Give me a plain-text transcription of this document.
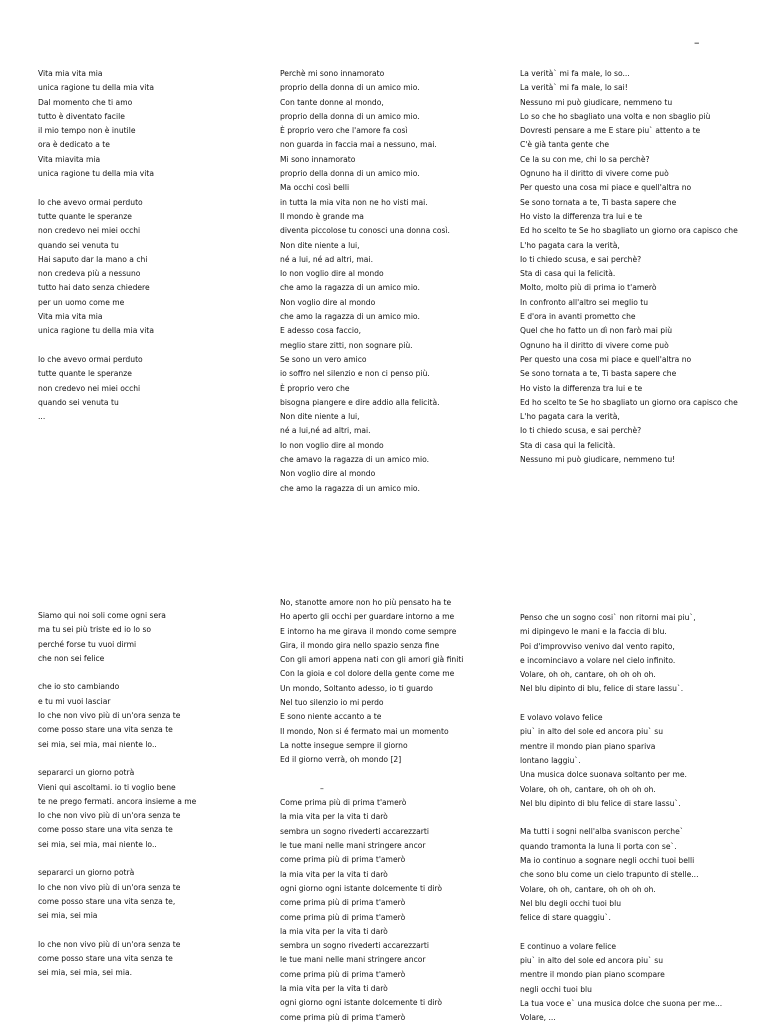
–
Vita mia vita mia
unica ragione tu della mia vita
Dal momento che ti amo
tutto è diventato facile
il mio tempo non è inutile
ora è dedicato a te
Vita miavita mia
unica ragione tu della mia vita
Io che avevo ormai perduto
tutte quante le speranze
non credevo nei miei occhi
quando sei venuta tu
Hai saputo dar la mano a chi
non credeva più a nessuno
tutto hai dato senza chiedere
per un uomo come me
Vita mia vita mia
unica ragione tu della mia vita
Io che avevo ormai perduto
tutte quante le speranze
non credevo nei miei occhi
quando sei venuta tu
...
Perchè mi sono innamorato
proprio della donna di un amico mio.
Con tante donne al mondo,
proprio della donna di un amico mio.
È proprio vero che l'amore fa così
non guarda in faccia mai a nessuno, mai.
Mi sono innamorato
proprio della donna di un amico mio.
Ma occhi così belli
in tutta la mia vita non ne ho visti mai.
Il mondo è grande ma
diventa piccolose tu conosci una donna così.
Non dite niente a lui,
né a lui, né ad altri, mai.
Io non voglio dire al mondo
che amo la ragazza di un amico mio.
Non voglio dire al mondo
che amo la ragazza di un amico mio.
E adesso cosa faccio,
meglio stare zitti, non sognare più.
Se sono un vero amico
io soffro nel silenzio e non ci penso più.
È proprio vero che
bisogna piangere e dire addio alla felicità.
Non dite niente a lui,
né a lui,né ad altri, mai.
Io non voglio dire al mondo
che amavo la ragazza di un amico mio.
Non voglio dire al mondo
che amo la ragazza di un amico mio.
La verità` mi fa male, lo so...
La verità` mi fa male, lo sai!
Nessuno mi può giudicare, nemmeno tu
Lo so che ho sbagliato una volta e non sbaglio più
Dovresti pensare a me E stare piu` attento a te
C'è già tanta gente che
Ce la su con me, chi lo sa perchè?
Ognuno ha il diritto di vivere come può
Per questo una cosa mi piace e quell'altra no
Se sono tornata a te, Ti basta sapere che
Ho visto la differenza tra lui e te
Ed ho scelto te Se ho sbagliato un giorno ora capisco che
L'ho pagata cara la verità,
Io ti chiedo scusa, e sai perchè?
Sta di casa qui la felicità.
Molto, molto più di prima io t'amerò
In confronto all'altro sei meglio tu
E d'ora in avanti prometto che
Quel che ho fatto un dì non farò mai più
Ognuno ha il diritto di vivere come può
Per questo una cosa mi piace e quell'altra no
Se sono tornata a te, Ti basta sapere che
Ho visto la differenza tra lui e te
Ed ho scelto te Se ho sbagliato un giorno ora capisco che
L'ho pagata cara la verità,
Io ti chiedo scusa, e sai perchè?
Sta di casa qui la felicità.
Nessuno mi può giudicare, nemmeno tu!
Siamo qui noi soli come ogni sera
ma tu sei più triste ed io lo so
perché forse tu vuoi dirmi
che non sei felice
che io sto cambiando
e tu mi vuoi lasciar
Io che non vivo più di un'ora senza te
come posso stare una vita senza te
sei mia, sei mia, mai niente lo..
separarci un giorno potrà
Vieni qui ascoltami. io ti voglio bene
te ne prego fermati. ancora insieme a me
Io che non vivo più di un'ora senza te
come posso stare una vita senza te
sei mia, sei mia, mai niente lo..
separarci un giorno potrà
Io che non vivo più di un'ora senza te
come posso stare una vita senza te,
sei mia, sei mia
Io che non vivo più di un'ora senza te
come posso stare una vita senza te
sei mia, sei mia, sei mia.
No, stanotte amore non ho più pensato ha te
Ho aperto gli occhi per guardare intorno a me
E intorno ha me girava il mondo come sempre
Gira, il mondo gira nello spazio senza fine
Con gli amori appena nati con gli amori già finiti
Con la gioia e col dolore della gente come me
Un mondo, Soltanto adesso, io ti guardo
Nel tuo silenzio io mi perdo
E sono niente accanto a te
Il mondo, Non si é fermato mai un momento
La notte insegue sempre il giorno
Ed il giorno verrà, oh mondo [2]
–
Come prima più di prima t'amerò
la mia vita per la vita ti darò
sembra un sogno rivederti accarezzarti
le tue mani nelle mani stringere ancor
come prima più di prima t'amerò
la mia vita per la vita ti darò
ogni giorno ogni istante dolcemente ti dirò
come prima più di prima t'amerò
come prima più di prima t'amerò
la mia vita per la vita ti darò
sembra un sogno rivederti accarezzarti
le tue mani nelle mani stringere ancor
come prima più di prima t'amerò
la mia vita per la vita ti darò
ogni giorno ogni istante dolcemente ti dirò
come prima più di prima t'amerò
Penso che un sogno cosi` non ritorni mai piu`,
mi dipingevo le mani e la faccia di blu.
Poi d'improvviso venivo dal vento rapito,
e incominciavo a volare nel cielo infinito.
Volare, oh oh, cantare, oh oh oh oh.
Nel blu dipinto di blu, felice di stare lassu`.
E volavo volavo felice
piu` in alto del sole ed ancora piu` su
mentre il mondo pian piano spariva
lontano laggiu`.
Una musica dolce suonava soltanto per me.
Volare, oh oh, cantare, oh oh oh oh.
Nel blu dipinto di blu felice di stare lassu`.
Ma tutti i sogni nell'alba svaniscon perche`
quando tramonta la luna li porta con se`.
Ma io continuo a sognare negli occhi tuoi belli
che sono blu come un cielo trapunto di stelle...
Volare, oh oh, cantare, oh oh oh oh.
Nel blu degli occhi tuoi blu
felice di stare quaggiu`.
E continuo a volare felice
piu` in alto del sole ed ancora piu` su
mentre il mondo pian piano scompare
negli occhi tuoi blu
La tua voce e` una musica dolce che suona per me...
Volare, ...
